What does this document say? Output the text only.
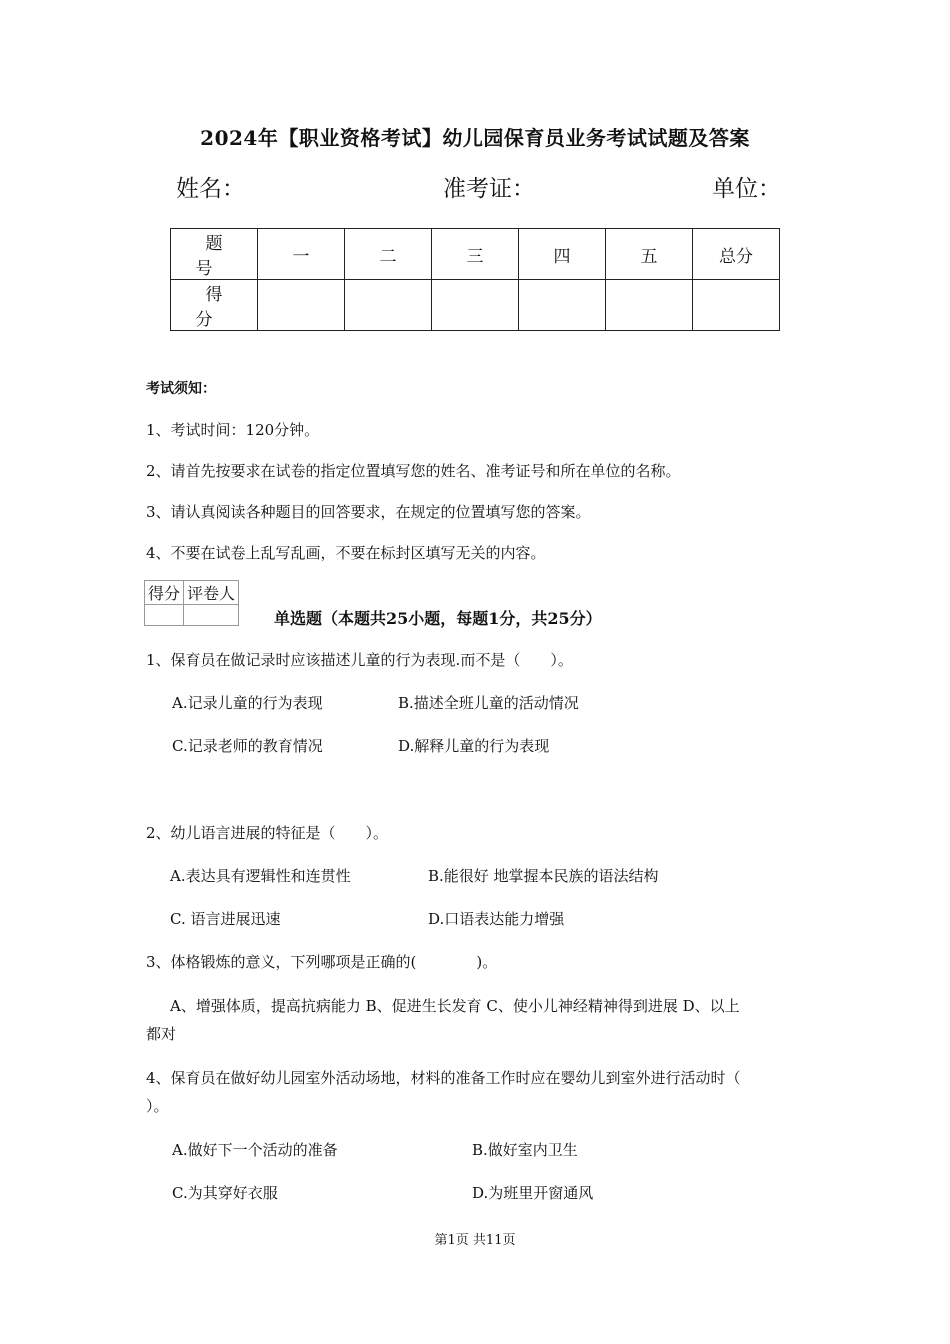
2024年【职业资格考试】幼儿园保育员业务考试试题及答案
姓名：	准考证：	单位：
题 号	一	二	三	四	五	总分
得 分						
考试须知：
1、考试时间：120分钟。
2、请首先按要求在试卷的指定位置填写您的姓名、准考证号和所在单位的名称。
3、请认真阅读各种题目的回答要求，在规定的位置填写您的答案。
4、不要在试卷上乱写乱画，不要在标封区填写无关的内容。
得分	评卷人

单选题（本题共25小题，每题1分，共25分）
1、保育员在做记录时应该描述儿童的行为表现.而不是（　　）。
A.记录儿童的行为表现	B.描述全班儿童的活动情况
C.记录老师的教育情况	D.解释儿童的行为表现
2、幼儿语言进展的特征是（　　）。
A.表达具有逻辑性和连贯性	B.能很好 地掌握本民族的语法结构
C. 语言进展迅速	D.口语表达能力增强
3、体格锻炼的意义，下列哪项是正确的(　　　　)。
A、增强体质，提高抗病能力 B、促进生长发育 C、使小儿神经精神得到进展 D、以上
都对
4、保育员在做好幼儿园室外活动场地，材料的准备工作时应在婴幼儿到室外进行活动时（
）。
A.做好下一个活动的准备	B.做好室内卫生
C.为其穿好衣服	D.为班里开窗通风
第1页 共11页
